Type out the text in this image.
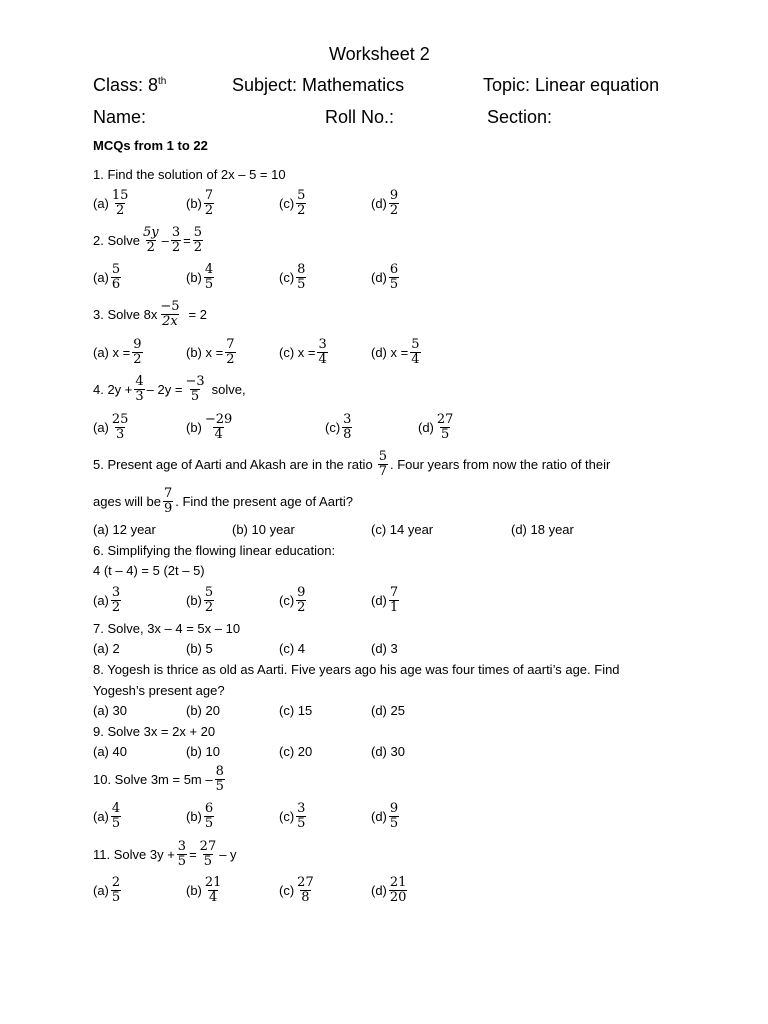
Worksheet 2
Class: 8th	Subject: Mathematics	Topic: Linear equation
Name:	Roll No.:	Section:
MCQs from 1 to 22
1. Find the solution of 2x – 5 = 10
$(a) \frac{15}{2}$	$(b) \frac{7}{2}$	$(c) \frac{5}{2}$	$(d) \frac{9}{2}$
2. Solve $\frac{5y}{2} - \frac{3}{2} = \frac{5}{2}$
$(a) \frac{5}{6}$	$(b) \frac{4}{5}$	$(c) \frac{8}{5}$	$(d) \frac{6}{5}$
3. Solve $8x \frac{-5}{2x} = 2$
(a) $x = \frac{9}{2}$	(b) $x = \frac{7}{2}$	(c) $x = \frac{3}{4}$	(d) $x = \frac{5}{4}$
4. $2y + \frac{4}{3} - 2y = \frac{-3}{5}$ solve,
$(a) \frac{25}{3}$	$(b) \frac{-29}{4}$	$(c) \frac{3}{8}$	$(d) \frac{27}{5}$
5. Present age of Aarti and Akash are in the ratio $\frac{5}{7}$ . Four years from now the ratio of their
ages will be $\frac{7}{9}$ . Find the present age of Aarti?
(a) 12 year	(b) 10 year	(c) 14 year	(d) 18 year
6. Simplifying the flowing linear education:
4 (t – 4) = 5 (2t – 5)
$(a) \frac{3}{2}$	$(b) \frac{5}{2}$	$(c) \frac{9}{2}$	$(d) \frac{7}{1}$
7. Solve, 3x – 4 = 5x – 10
(a) 2	(b) 5	(c) 4	(d) 3
8. Yogesh is thrice as old as Aarti. Five years ago his age was four times of aarti’s age. Find
Yogesh’s present age?
(a) 30	(b) 20	(c) 15	(d) 25
9. Solve 3x = 2x + 20
(a) 40	(b) 10	(c) 20	(d) 30
10. Solve $3m = 5m - \frac{8}{5}$
$(a) \frac{4}{5}$	$(b) \frac{6}{5}$	$(c) \frac{3}{5}$	$(d) \frac{9}{5}$
11. Solve $3y + \frac{3}{5} = \frac{27}{5} - y$
$(a) \frac{2}{5}$	$(b) \frac{21}{4}$	$(c) \frac{27}{8}$	$(d) \frac{21}{20}$
